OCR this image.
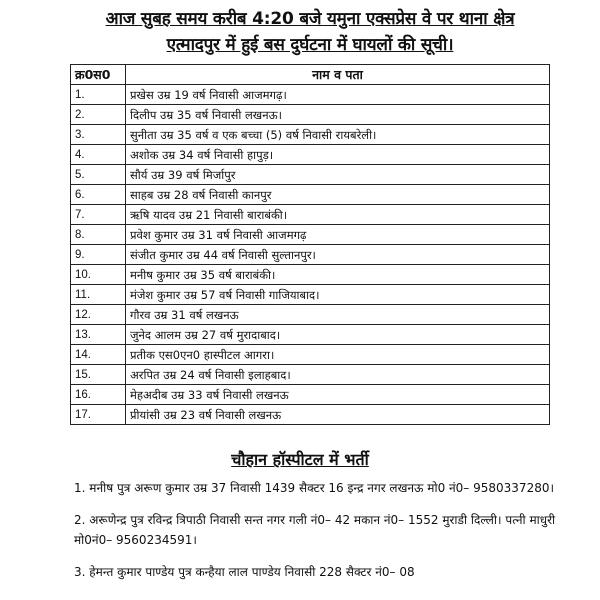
आज सुबह समय करीब 4:20 बजे यमुना एक्सप्रेस वे पर थाना क्षेत्र
एत्मादपुर में हुई बस दुर्घटना में घायलों की सूची।
क्र0स0	नाम व पता
1.	प्रखेस उम्र 19 वर्ष निवासी आजमगढ़।
2.	दिलीप उम्र 35 वर्ष निवासी लखनऊ।
3.	सुनीता उम्र 35 वर्ष व एक बच्चा (5) वर्ष निवासी रायबरेली।
4.	अशोक उम्र 34 वर्ष निवासी हापुड़।
5.	सौर्य उम्र 39 वर्ष मिर्जापुर
6.	साहब उम्र 28 वर्ष निवासी कानपुर
7.	ऋषि यादव उम्र 21 निवासी बाराबंकी।
8.	प्रवेश कुमार उम्र 31 वर्ष निवासी आजमगढ़
9.	संजीत कुमार उम्र 44 वर्ष निवासी सुल्तानपुर।
10.	मनीष कुमार उम्र 35 वर्ष बाराबंकी।
11.	मंजेश कुमार उम्र 57 वर्ष निवासी गाजियाबाद।
12.	गौरव उम्र 31 वर्ष लखनऊ
13.	जुनेद आलम उम्र 27 वर्ष मुरादाबाद।
14.	प्रतीक एस0एन0 हास्पीटल आगरा।
15.	अरपित उम्र 24 वर्ष निवासी इलाहबाद।
16.	मेहअदीब उम्र 33 वर्ष निवासी लखनऊ
17.	प्रीयांसी उम्र 23 वर्ष निवासी लखनऊ
चौहान हॉस्पीटल में भर्ती
1. मनीष पुत्र अरूण कुमार उम्र 37 निवासी 1439 सैक्टर 16 इन्द्र नगर लखनऊ मो0 नं0– 9580337280।
2. अरूणेन्द्र पुत्र रविन्द्र त्रिपाठी निवासी सन्त नगर गली नं0– 42 मकान नं0– 1552 मुराडी दिल्ली। पत्नी माधुरी मो0नं0– 9560234591।
3. हेमन्त कुमार पाण्डेय पुत्र कन्हैया लाल पाण्डेय निवासी 228 सैक्टर नं0– 08
